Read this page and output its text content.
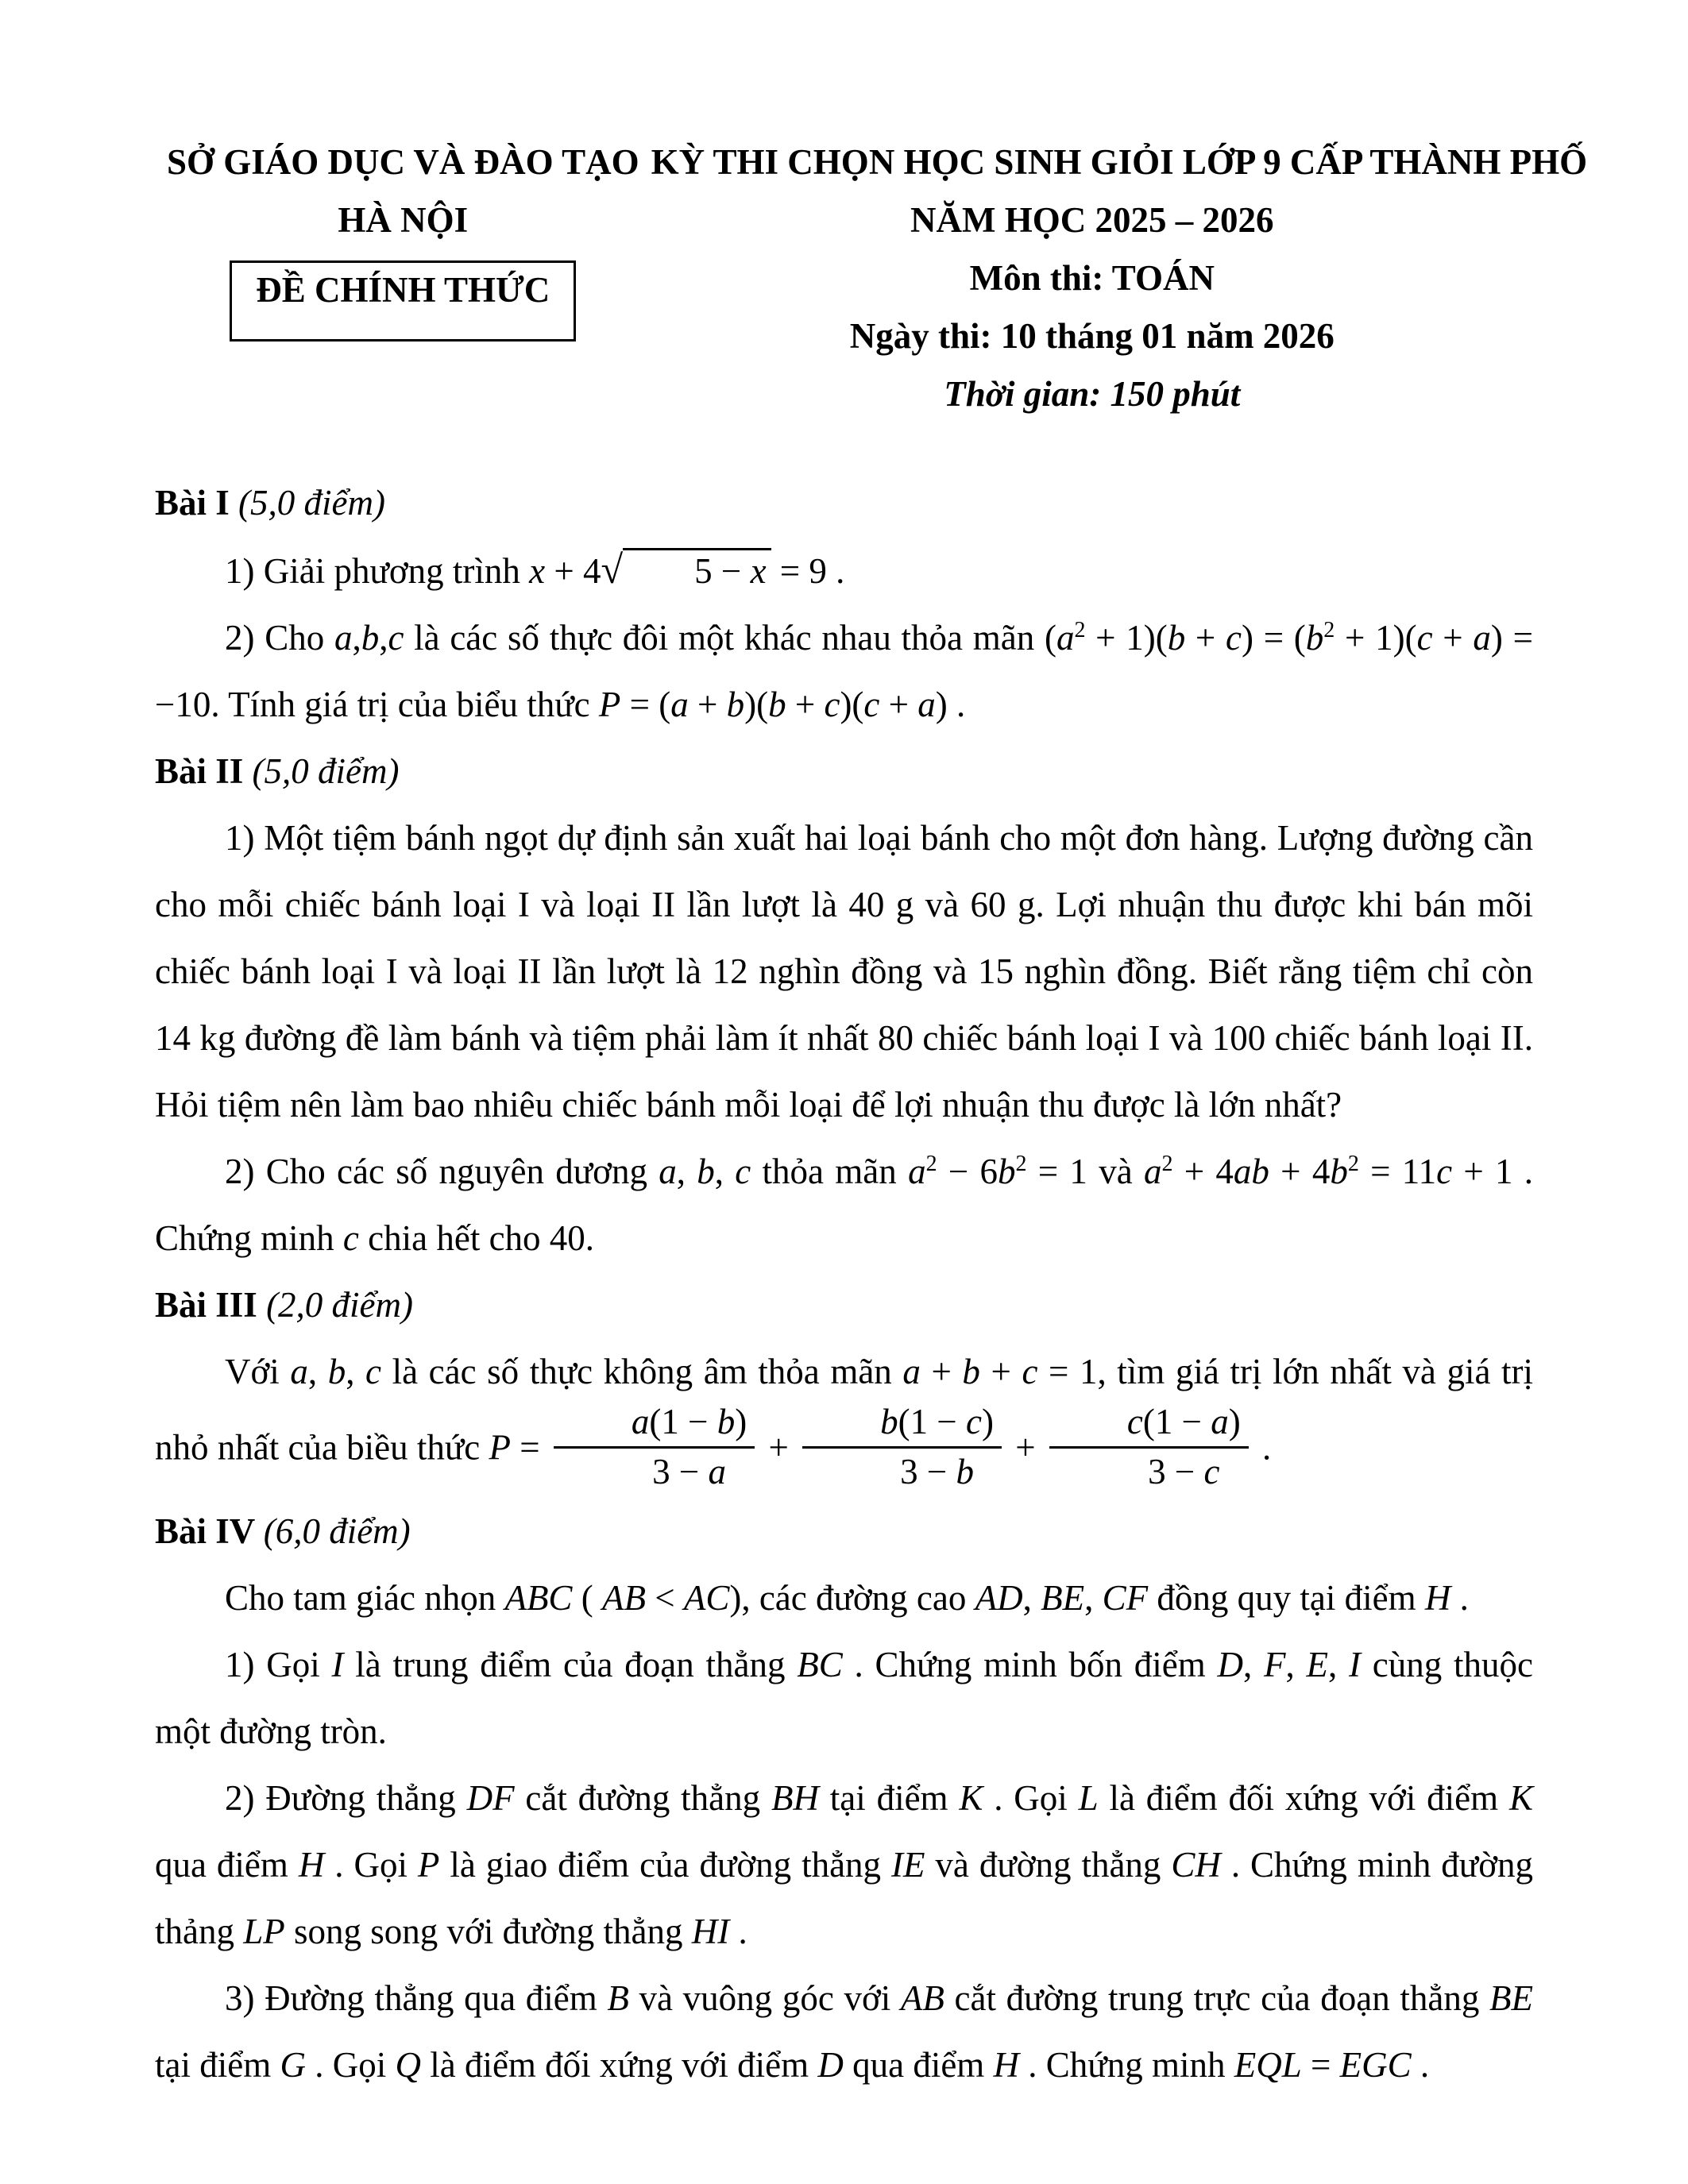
SỞ GIÁO DỤC VÀ ĐÀO TẠO
HÀ NỘI
ĐỀ CHÍNH THỨC
KỲ THI CHỌN HỌC SINH GIỎI LỚP 9 CẤP THÀNH PHỐ
NĂM HỌC 2025 – 2026
Môn thi: TOÁN
Ngày thi: 10 tháng 01 năm 2026
Thời gian: 150 phút
Bài I (5,0 điểm)
1) Giải phương trình x + 4√ 5 − x = 9 .
2) Cho a,b,c là các số thực đôi một khác nhau thỏa mãn $(a^2 + 1)(b + c) = (b^2 + 1)(c + a) = -10$. Tính giá trị của biểu thức P = (a + b)(b + c)(c + a) .
Bài II (5,0 điểm)
1) Một tiệm bánh ngọt dự định sản xuất hai loại bánh cho một đơn hàng. Lượng đường cần cho mỗi chiếc bánh loại I và loại II lần lượt là 40 g và 60 g. Lợi nhuận thu được khi bán mõi chiếc bánh loại I và loại II lần lượt là 12 nghìn đồng và 15 nghìn đồng. Biết rằng tiệm chỉ còn 14 kg đường đề làm bánh và tiệm phải làm ít nhất 80 chiếc bánh loại I và 100 chiếc bánh loại II. Hỏi tiệm nên làm bao nhiêu chiếc bánh mỗi loại để lợi nhuận thu được là lớn nhất?
2) Cho các số nguyên dương a, b, c thỏa mãn $a^2 - 6b^2 = 1$ và $a^2 + 4ab + 4b^2 = 11c + 1$ . Chứng minh c chia hết cho 40.
Bài III (2,0 điểm)
Với a, b, c là các số thực không âm thỏa mãn a + b + c = 1, tìm giá trị lớn nhất và giá trị nhỏ nhất của biều thức $P = \frac{a(1 - b)}{3 - a} + \frac{b(1 - c)}{3 - b} + \frac{c(1 - a)}{3 - c}$ .
Bài IV (6,0 điểm)
Cho tam giác nhọn ABC ( AB < AC), các đường cao AD, BE, CF đồng quy tại điểm H .
1) Gọi I là trung điểm của đoạn thẳng BC . Chứng minh bốn điểm D, F, E, I cùng thuộc một đường tròn.
2) Đường thẳng DF cắt đường thẳng BH tại điểm K . Gọi L là điểm đối xứng với điểm K qua điểm H . Gọi P là giao điểm của đường thẳng IE và đường thẳng CH . Chứng minh đường thảng LP song song với đường thẳng HI .
3) Đường thẳng qua điểm B và vuông góc với AB cắt đường trung trực của đoạn thẳng BE tại điểm G . Gọi Q là điểm đối xứng với điểm D qua điểm H . Chứng minh EQL = EGC .
